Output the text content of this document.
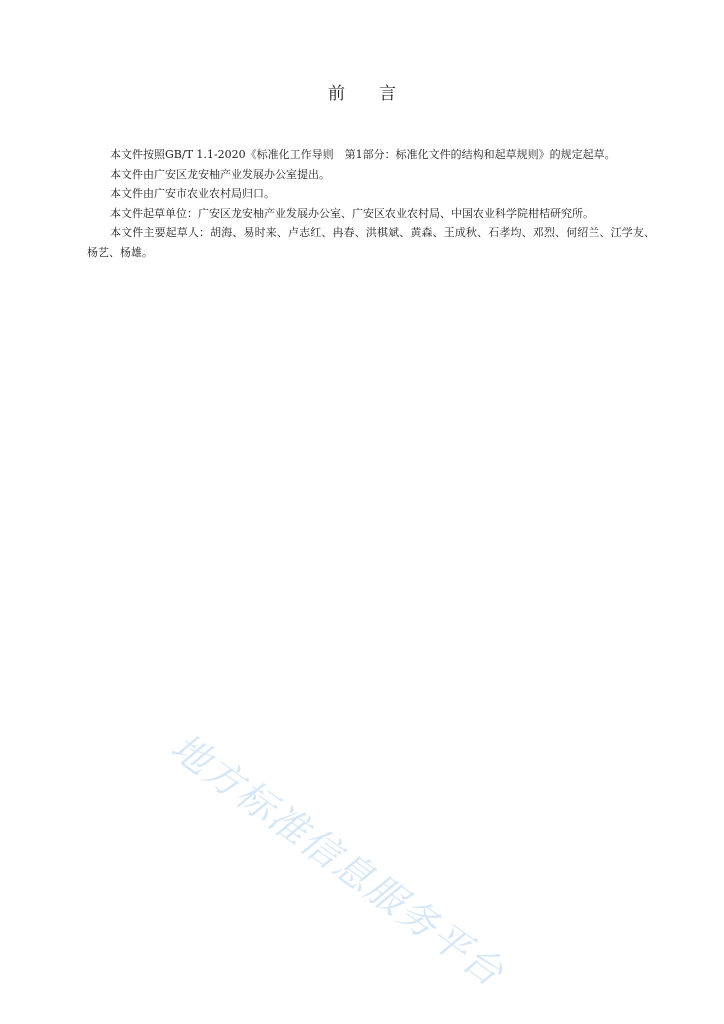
前 言

本文件按照GB/T 1.1-2020《标准化工作导则　第1部分：标准化文件的结构和起草规则》的规定起草。

本文件由广安区龙安柚产业发展办公室提出。

本文件由广安市农业农村局归口。

本文件起草单位：广安区龙安柚产业发展办公室、广安区农业农村局、中国农业科学院柑桔研究所。

本文件主要起草人：胡海、易时来、卢志红、冉春、洪棋斌、黄森、王成秋、石孝均、邓烈、何绍兰、江学友、杨艺、杨雄。

地方标准信息服务平台
